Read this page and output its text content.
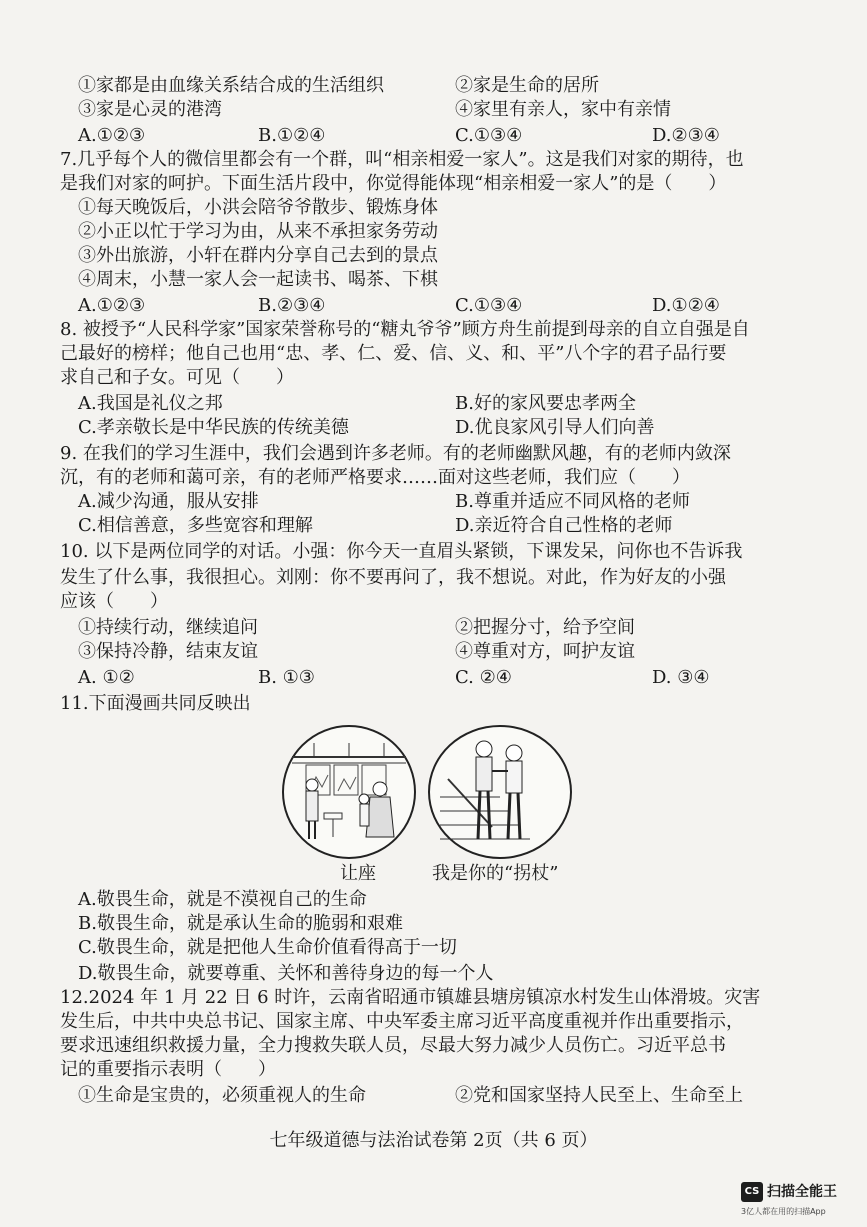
①家都是由血缘关系结合成的生活组织	②家是生命的居所
③家是心灵的港湾	④家里有亲人，家中有亲情
A.①②③	B.①②④	C.①③④	D.②③④
7.几乎每个人的微信里都会有一个群，叫“相亲相爱一家人”。这是我们对家的期待，也
是我们对家的呵护。下面生活片段中，你觉得能体现“相亲相爱一家人”的是（　　）
①每天晚饭后，小洪会陪爷爷散步、锻炼身体
②小正以忙于学习为由，从来不承担家务劳动
③外出旅游，小轩在群内分享自己去到的景点
④周末，小慧一家人会一起读书、喝茶、下棋
A.①②③	B.②③④	C.①③④	D.①②④
8. 被授予“人民科学家”国家荣誉称号的“糖丸爷爷”顾方舟生前提到母亲的自立自强是自
己最好的榜样；他自己也用“忠、孝、仁、爱、信、义、和、平”八个字的君子品行要
求自己和子女。可见（　　）
A.我国是礼仪之邦	B.好的家风要忠孝两全
C.孝亲敬长是中华民族的传统美德	D.优良家风引导人们向善
9. 在我们的学习生涯中，我们会遇到许多老师。有的老师幽默风趣，有的老师内敛深
沉，有的老师和蔼可亲，有的老师严格要求……面对这些老师，我们应（　　）
A.减少沟通，服从安排	B.尊重并适应不同风格的老师
C.相信善意，多些宽容和理解	D.亲近符合自己性格的老师
10. 以下是两位同学的对话。小强：你今天一直眉头紧锁，下课发呆，问你也不告诉我
发生了什么事，我很担心。刘刚：你不要再问了，我不想说。对此，作为好友的小强
应该（　　）
①持续行动，继续追问	②把握分寸，给予空间
③保持冷静，结束友谊	④尊重对方，呵护友谊
A. ①②	B. ①③	C. ②④	D. ③④
11.下面漫画共同反映出
让座	我是你的“拐杖”
A.敬畏生命，就是不漠视自己的生命
B.敬畏生命，就是承认生命的脆弱和艰难
C.敬畏生命，就是把他人生命价值看得高于一切
D.敬畏生命，就要尊重、关怀和善待身边的每一个人
12.2024 年 1 月 22 日 6 时许，云南省昭通市镇雄县塘房镇凉水村发生山体滑坡。灾害
发生后，中共中央总书记、国家主席、中央军委主席习近平高度重视并作出重要指示，
要求迅速组织救援力量，全力搜救失联人员，尽最大努力减少人员伤亡。习近平总书
记的重要指示表明（　　）
①生命是宝贵的，必须重视人的生命	②党和国家坚持人民至上、生命至上
七年级道德与法治试卷第 2页（共 6 页）
CS 扫描全能王
3亿人都在用的扫描App
